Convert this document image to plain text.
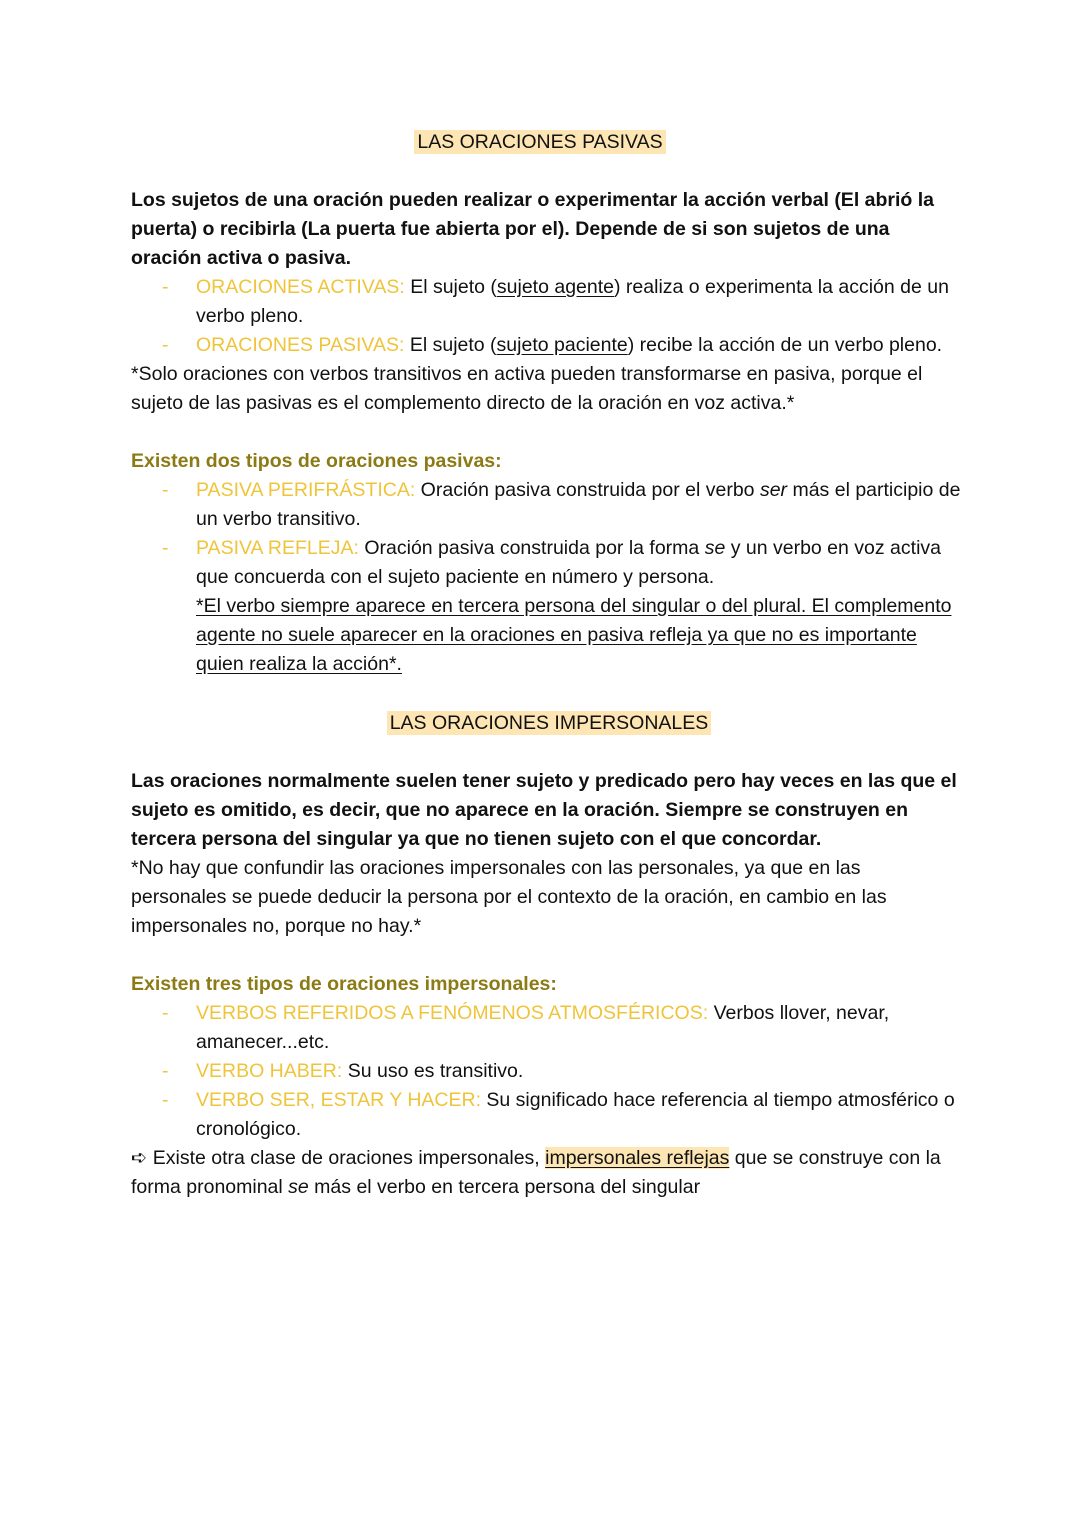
LAS ORACIONES PASIVAS

Los sujetos de una oración pueden realizar o experimentar la acción verbal (El abrió la puerta) o recibirla (La puerta fue abierta por el). Depende de si son sujetos de una oración activa o pasiva.

- ORACIONES ACTIVAS: El sujeto (sujeto agente) realiza o experimenta la acción de un verbo pleno.
- ORACIONES PASIVAS: El sujeto (sujeto paciente) recibe la acción de un verbo pleno.

*Solo oraciones con verbos transitivos en activa pueden transformarse en pasiva, porque el sujeto de las pasivas es el complemento directo de la oración en voz activa.*

Existen dos tipos de oraciones pasivas:

- PASIVA PERIFRÁSTICA: Oración pasiva construida por el verbo ser más el participio de un verbo transitivo.
- PASIVA REFLEJA: Oración pasiva construida por la forma se y un verbo en voz activa que concuerda con el sujeto paciente en número y persona.
*El verbo siempre aparece en tercera persona del singular o del plural. El complemento agente no suele aparecer en la oraciones en pasiva refleja ya que no es importante quien realiza la acción*.
LAS ORACIONES IMPERSONALES

Las oraciones normalmente suelen tener sujeto y predicado pero hay veces en las que el sujeto es omitido, es decir, que no aparece en la oración. Siempre se construyen en tercera persona del singular ya que no tienen sujeto con el que concordar.

*No hay que confundir las oraciones impersonales con las personales, ya que en las personales se puede deducir la persona por el contexto de la oración, en cambio en las impersonales no, porque no hay.*

Existen tres tipos de oraciones impersonales:

- VERBOS REFERIDOS A FENÓMENOS ATMOSFÉRICOS: Verbos llover, nevar, amanecer...etc.
- VERBO HABER: Su uso es transitivo.
- VERBO SER, ESTAR Y HACER: Su significado hace referencia al tiempo atmosférico o cronológico.

➪ Existe otra clase de oraciones impersonales, impersonales reflejas que se construye con la forma pronominal se más el verbo en tercera persona del singular
